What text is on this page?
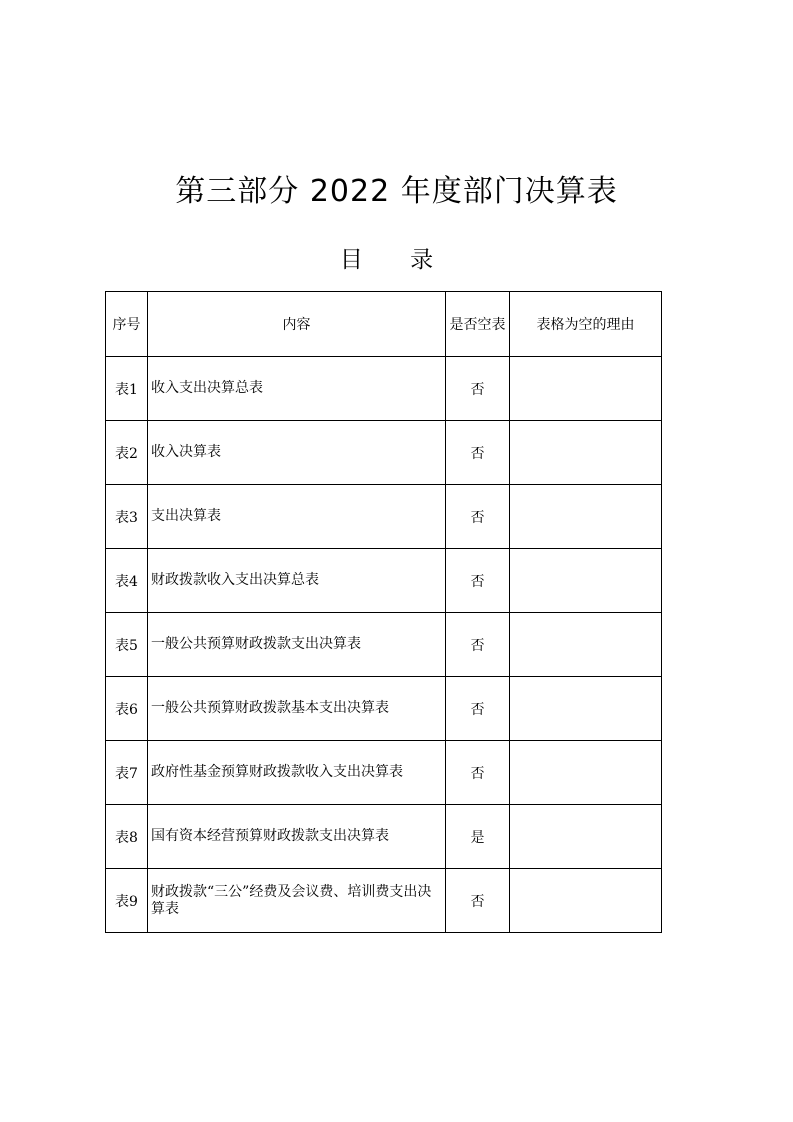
第三部分 2022 年度部门决算表
目 录
序号	内容	是否空表	表格为空的理由
表1	收入支出决算总表	否	
表2	收入决算表	否	
表3	支出决算表	否	
表4	财政拨款收入支出决算总表	否	
表5	一般公共预算财政拨款支出决算表	否	
表6	一般公共预算财政拨款基本支出决算表	否	
表7	政府性基金预算财政拨款收入支出决算表	否	
表8	国有资本经营预算财政拨款支出决算表	是	
表9	财政拨款“三公”经费及会议费、培训费支出决算表	否	
